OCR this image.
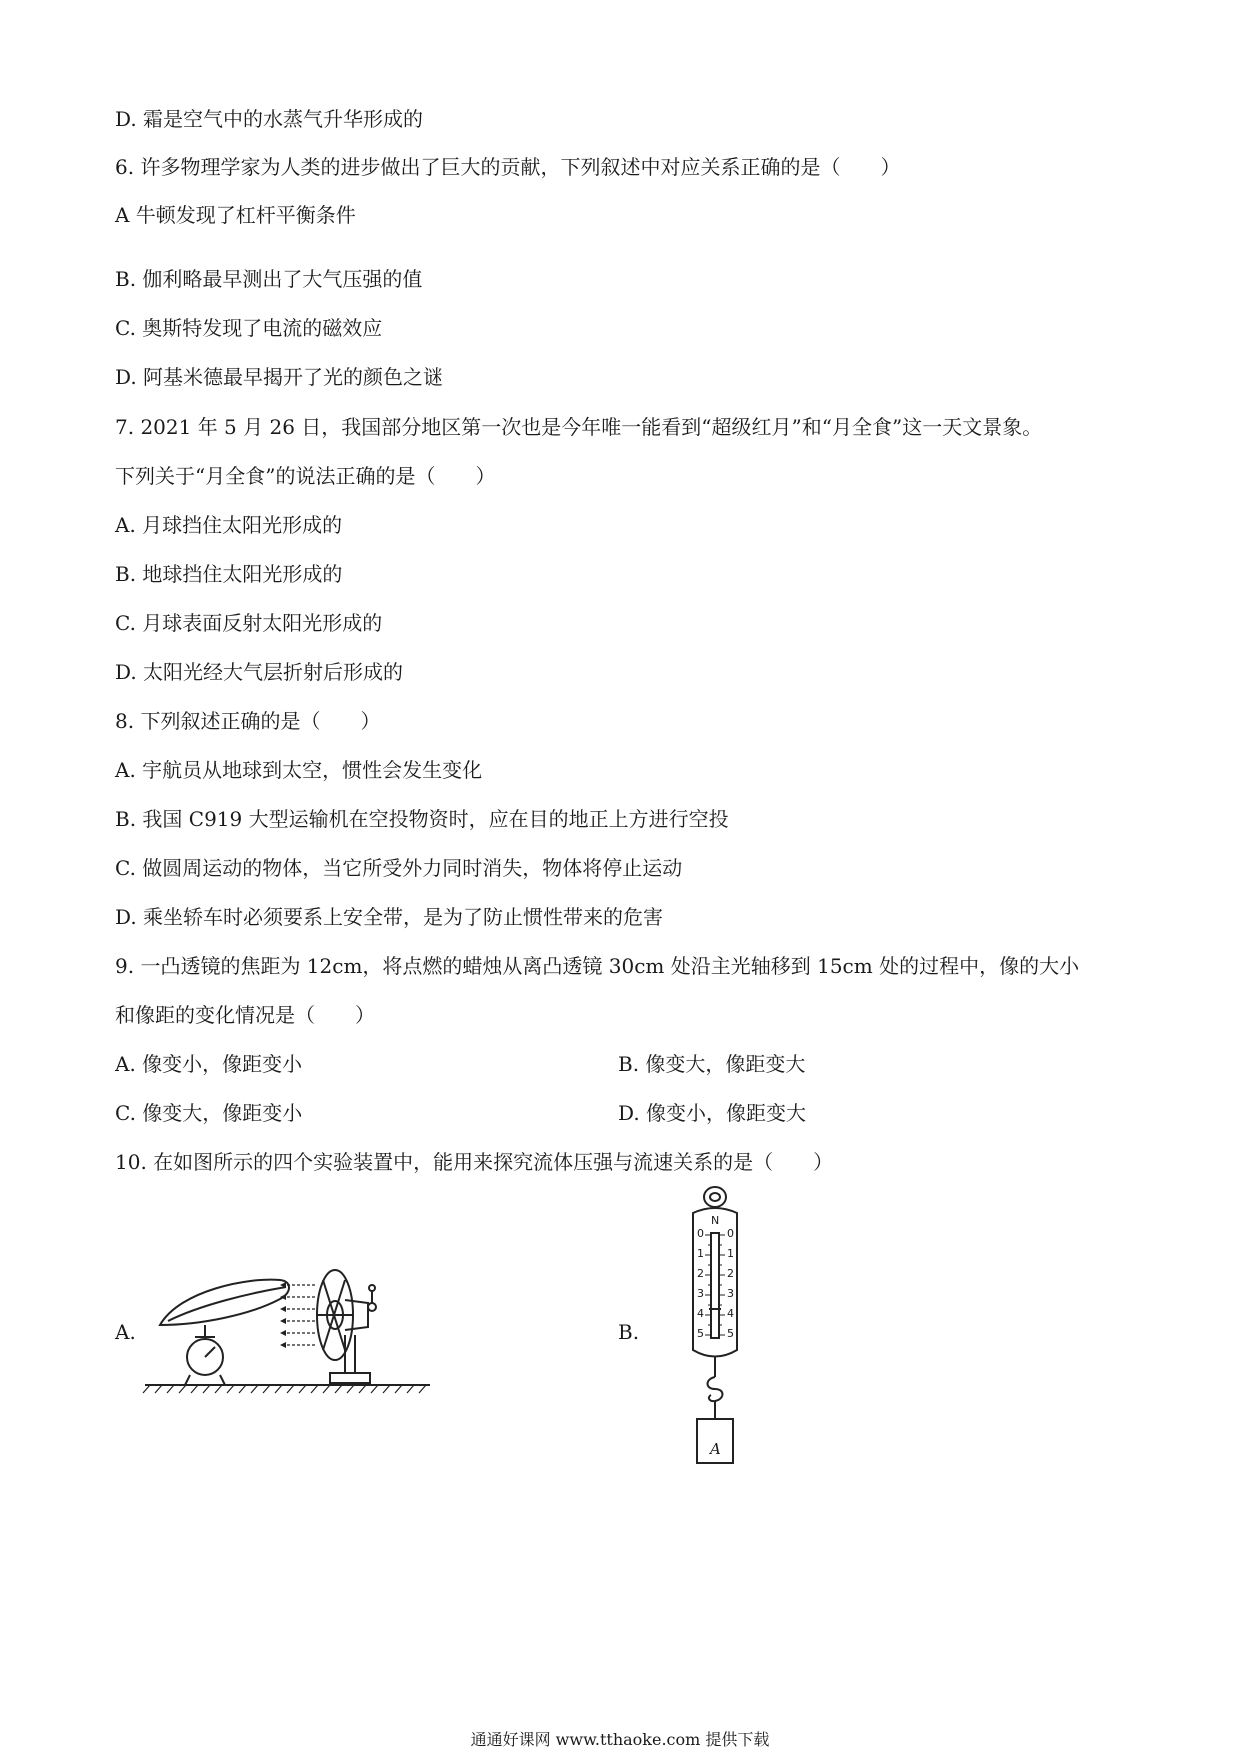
D. 霜是空气中的水蒸气升华形成的
6. 许多物理学家为人类的进步做出了巨大的贡献，下列叙述中对应关系正确的是（　　）
A 牛顿发现了杠杆平衡条件
B. 伽利略最早测出了大气压强的值
C. 奥斯特发现了电流的磁效应
D. 阿基米德最早揭开了光的颜色之谜
7. 2021 年 5 月 26 日，我国部分地区第一次也是今年唯一能看到“超级红月”和“月全食”这一天文景象。
下列关于“月全食”的说法正确的是（　　）
A. 月球挡住太阳光形成的
B. 地球挡住太阳光形成的
C. 月球表面反射太阳光形成的
D. 太阳光经大气层折射后形成的
8. 下列叙述正确的是（　　）
A. 宇航员从地球到太空，惯性会发生变化
B. 我国 C919 大型运输机在空投物资时，应在目的地正上方进行空投
C. 做圆周运动的物体，当它所受外力同时消失，物体将停止运动
D. 乘坐轿车时必须要系上安全带，是为了防止惯性带来的危害
9. 一凸透镜的焦距为 12cm，将点燃的蜡烛从离凸透镜 30cm 处沿主光轴移到 15cm 处的过程中，像的大小
和像距的变化情况是（　　）
A. 像变小，像距变小	B. 像变大，像距变大
C. 像变大，像距变小	D. 像变小，像距变大
10. 在如图所示的四个实验装置中，能用来探究流体压强与流速关系的是（　　）
A.	B.
N
0
1
2
3
4
5
0
1
2
3
4
5
A
通通好课网 www.tthaoke.com 提供下载
